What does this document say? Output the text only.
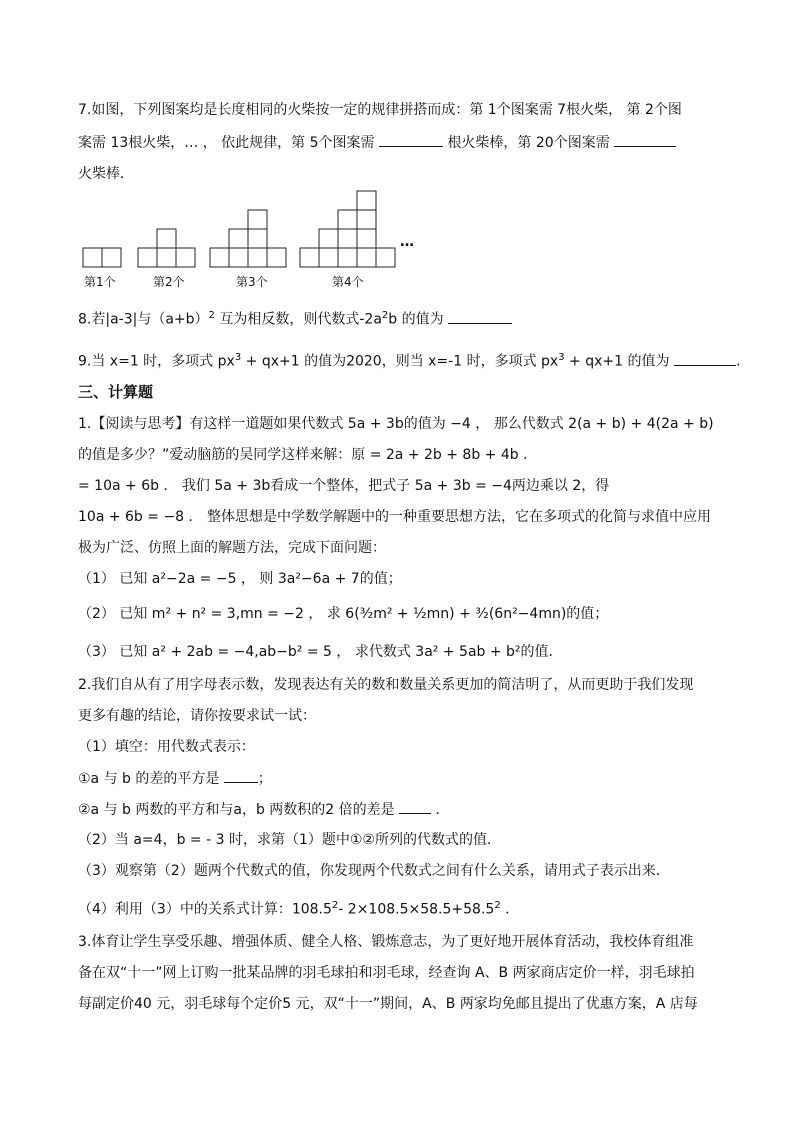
7.如图，下列图案均是长度相同的火柴按一定的规律拼搭而成：第 1个图案需 7根火柴， 第 2个图
案需 13根火柴，… ， 依此规律，第 5个图案需	根火柴棒，第 20个图案需
火柴棒．
…
第1个	第2个	第3个	第4个
8.若|a-3|与$(a+b)^2$ 互为相反数，则代数式$-2a^2b$ 的值为
9.当 x=1 时，多项式 $px^3 + qx+1$ 的值为2020，则当 x=-1 时，多项式 $px^3 + qx+1$ 的值为	.
三、计算题
1.【阅读与思考】有这样一道题如果代数式 5a + 3b的值为 −4 ， 那么代数式 2(a + b) + 4(2a + b)
的值是多少？”爱动脑筋的吴同学这样来解：原 = 2a + 2b + 8b + 4b ．
= 10a + 6b ． 我们 5a + 3b看成一个整体，把式子 5a + 3b = −4两边乘以 2，得
10a + 6b = −8 ． 整体思想是中学数学解题中的一种重要思想方法，它在多项式的化简与求值中应用
极为广泛、仿照上面的解题方法，完成下面问题：
（1） 已知 a²−2a = −5 ， 则 3a²−6a + 7的值；
（2） 已知 m² + n² = 3,mn = −2 ， 求 6(³⁄₂m² + ¹⁄₂mn) + ³⁄₂(6n²−4mn)的值；
（3） 已知 a² + 2ab = −4,ab−b² = 5 ， 求代数式 3a² + 5ab + b²的值．
2.我们自从有了用字母表示数，发现表达有关的数和数量关系更加的简洁明了，从而更助于我们发现
更多有趣的结论，请你按要求试一试：
（1）填空：用代数式表示：
①a 与 b 的差的平方是	；
②a 与 b 两数的平方和与a，b 两数积的2 倍的差是	．
（2）当 a=4，b = - 3 时，求第（1）题中①②所列的代数式的值．
（3）观察第（2）题两个代数式的值，你发现两个代数式之间有什么关系，请用式子表示出来．
（4）利用（3）中的关系式计算：108.5$^2$- $2\times 108.5\times 58.5+58.5^2$ ．
3.体育让学生享受乐趣、增强体质、健全人格、锻炼意志，为了更好地开展体育活动，我校体育组准
备在双“十一”网上订购一批某品牌的羽毛球拍和羽毛球，经查询 A、B 两家商店定价一样，羽毛球拍
每副定价40 元，羽毛球每个定价5 元，双“十一”期间，A、B 两家均免邮且提出了优惠方案，A 店每
